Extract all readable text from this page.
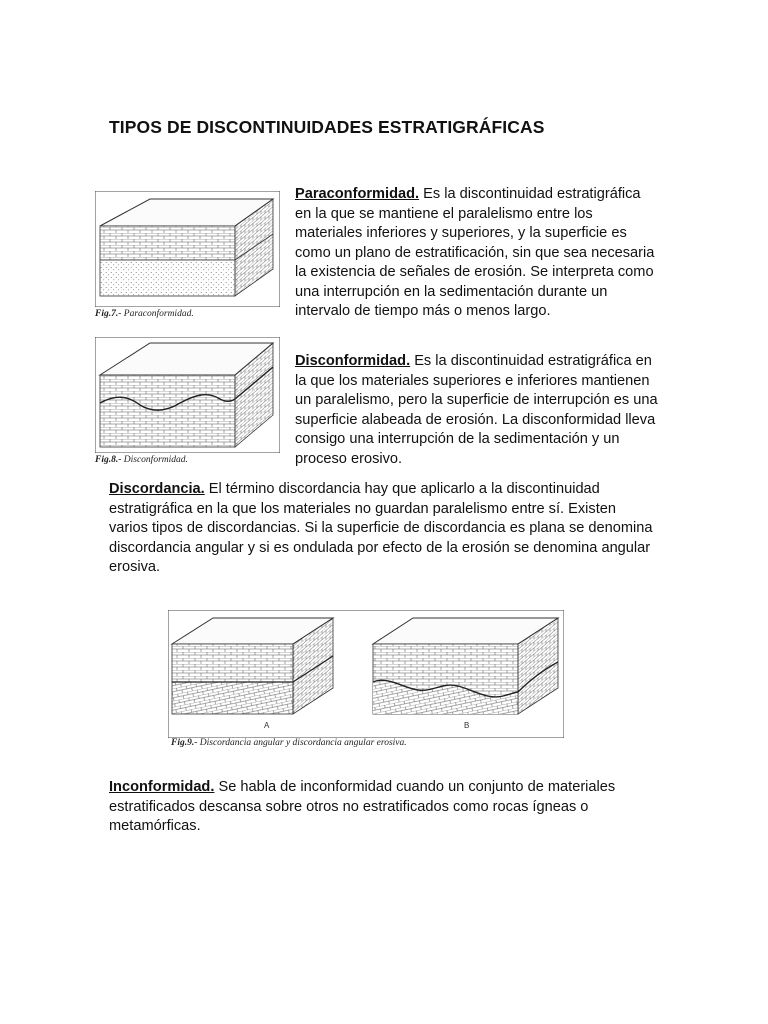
TIPOS DE DISCONTINUIDADES ESTRATIGRÁFICAS
Fig.7.- Paraconformidad.
Fig.8.- Disconformidad.

Paraconformidad. Es la discontinuidad estratigráfica en la que se mantiene el paralelismo entre los materiales inferiores y superiores, y la superficie es como un plano de estratificación, sin que sea necesaria la existencia de señales de erosión. Se interpreta como una interrupción en la sedimentación durante un intervalo de tiempo más o menos largo.

Disconformidad. Es la discontinuidad estratigráfica en la que los materiales superiores e inferiores mantienen un paralelismo, pero la superficie de interrupción es una superficie alabeada de erosión. La disconformidad lleva consigo una interrupción de la sedimentación y un proceso erosivo.

Discordancia. El término discordancia hay que aplicarlo a la discontinuidad estratigráfica en la que los materiales no guardan paralelismo entre sí. Existen varios tipos de discordancias. Si la superficie de discordancia es plana se denomina discordancia angular y si es ondulada por efecto de la erosión se denomina angular erosiva.

A	B
Fig.9.- Discordancia angular y discordancia angular erosiva.

Inconformidad. Se habla de inconformidad cuando un conjunto de materiales estratificados descansa sobre otros no estratificados como rocas ígneas o metamórficas.
